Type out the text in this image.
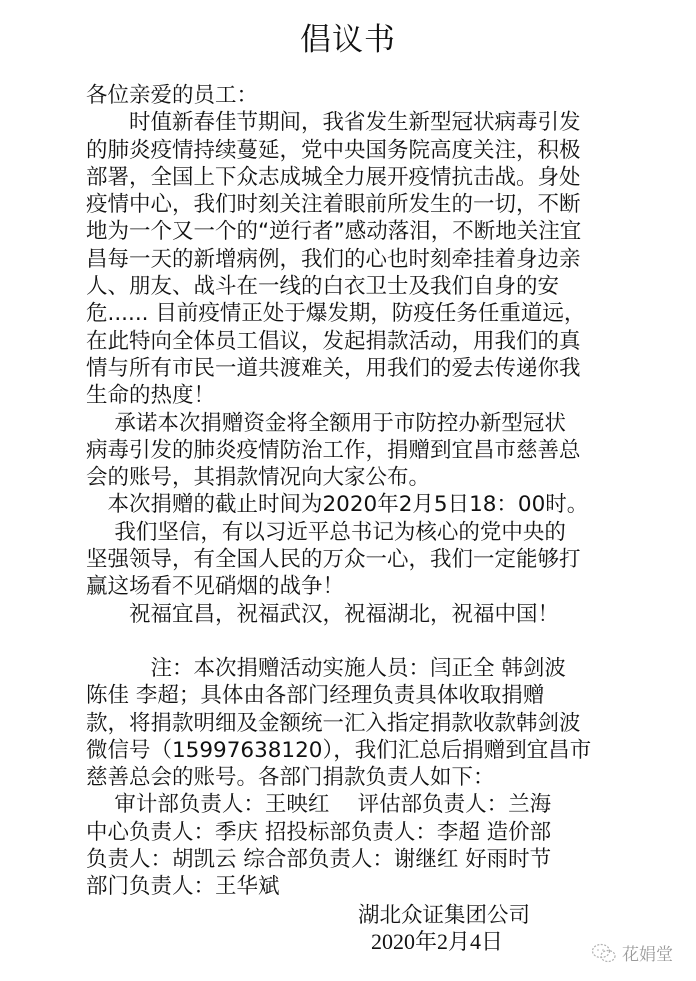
倡议书
各位亲爱的员工：
　　时值新春佳节期间，我省发生新型冠状病毒引发
的肺炎疫情持续蔓延，党中央国务院高度关注，积极
部署，全国上下众志成城全力展开疫情抗击战。身处
疫情中心，我们时刻关注着眼前所发生的一切，不断
地为一个又一个的“逆行者”感动落泪，不断地关注宜
昌每一天的新增病例，我们的心也时刻牵挂着身边亲
人、朋友、战斗在一线的白衣卫士及我们自身的安
危...... 目前疫情正处于爆发期，防疫任务任重道远，
在此特向全体员工倡议，发起捐款活动，用我们的真
情与所有市民一道共渡难关，用我们的爱去传递你我
生命的热度！
　 承诺本次捐赠资金将全额用于市防控办新型冠状
病毒引发的肺炎疫情防治工作，捐赠到宜昌市慈善总
会的账号，其捐款情况向大家公布。
　本次捐赠的截止时间为2020年2月5日18：00时。
　 我们坚信，有以习近平总书记为核心的党中央的
坚强领导，有全国人民的万众一心，我们一定能够打
赢这场看不见硝烟的战争！
　　祝福宜昌，祝福武汉，祝福湖北，祝福中国！
　　　注：本次捐赠活动实施人员：闫正全 韩剑波
陈佳 李超；具体由各部门经理负责具体收取捐赠
款，将捐款明细及金额统一汇入指定捐款收款韩剑波
微信号（15997638120），我们汇总后捐赠到宜昌市
慈善总会的账号。各部门捐款负责人如下：
　 审计部负责人：王映红　 评估部负责人：兰海
中心负责人：季庆 招投标部负责人：李超 造价部
负责人：胡凯云 综合部负责人：谢继红 好雨时节
部门负责人：王华斌
湖北众证集团公司
2020年2月4日
花娟堂
